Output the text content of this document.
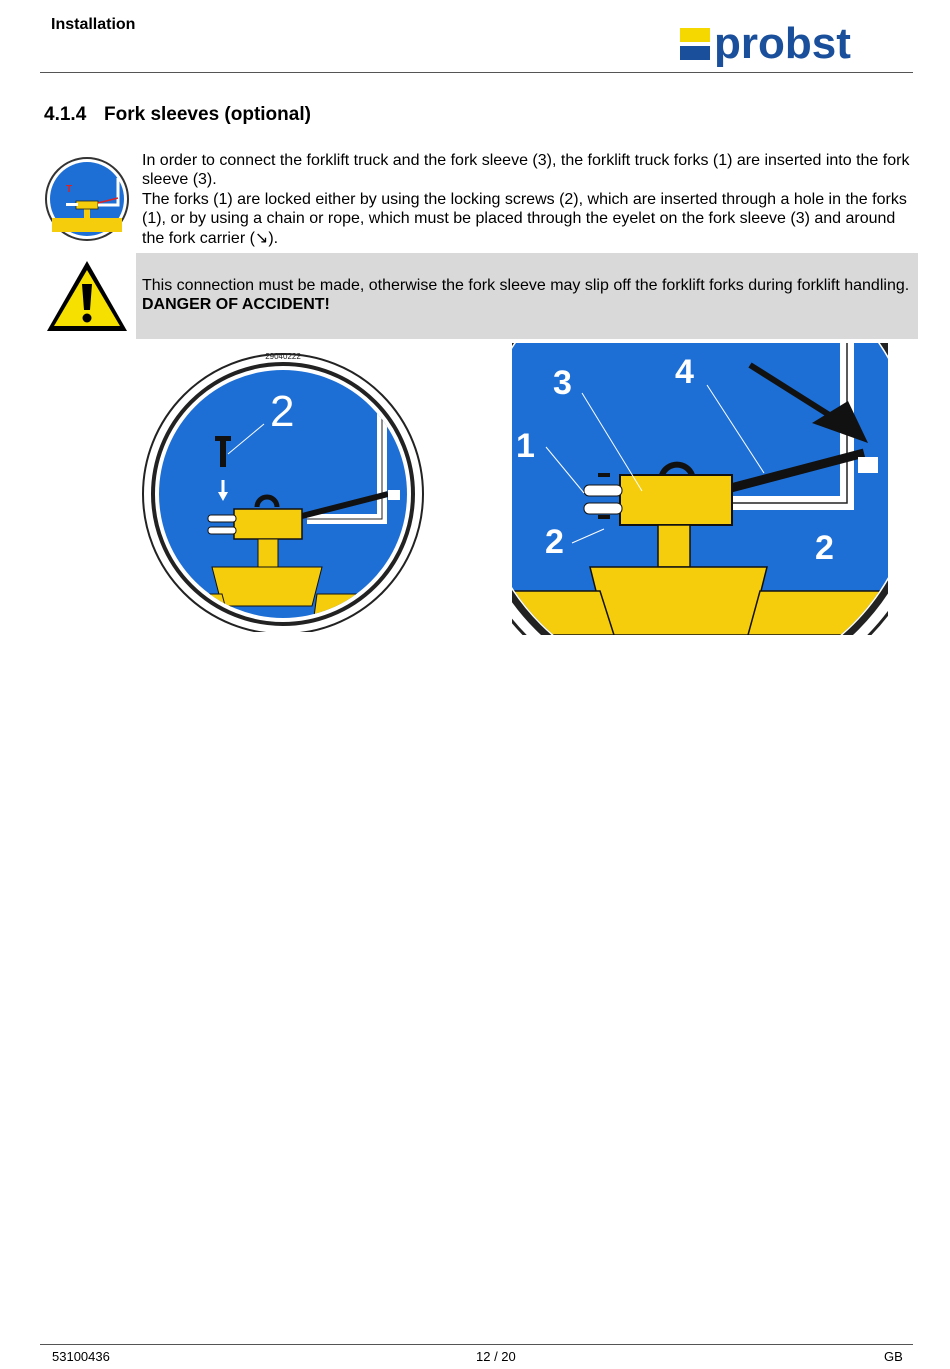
Installation	probst
4.1.4 Fork sleeves (optional)
T

In order to connect the forklift truck and the fork sleeve (3), the forklift truck forks (1) are inserted into the fork sleeve (3).

The forks (1) are locked either by using the locking screws (2), which are inserted through a hole in the forks (1), or by using a chain or rope, which must be placed through the eyelet on the fork sleeve (3) and around the fork carrier (↘).

This connection must be made, otherwise the fork sleeve may slip off the forklift forks during forklift handling. DANGER OF ACCIDENT!
29040222
2
1
2
3	4
2
53100436	12 / 20	GB
